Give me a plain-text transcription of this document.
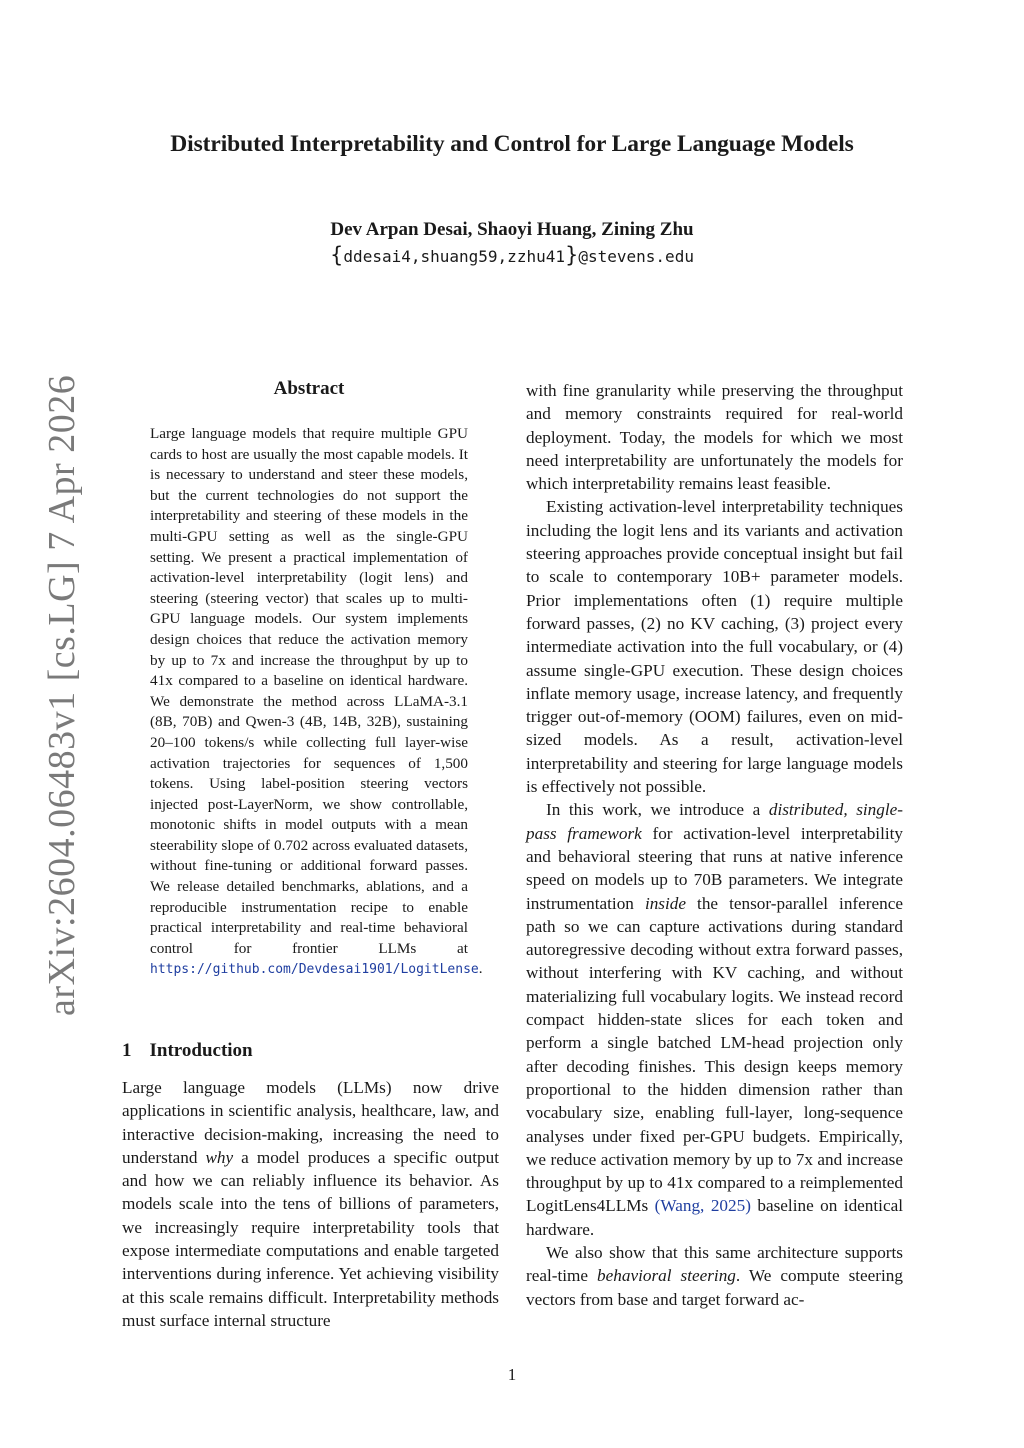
Distributed Interpretability and Control for Large Language Models
Dev Arpan Desai, Shaoyi Huang, Zining Zhu
{ddesai4,shuang59,zzhu41}@stevens.edu
arXiv:2604.06483v1 [cs.LG] 7 Apr 2026	Abstract
Large language models that require multiple GPU cards to host are usually the most capable models. It is necessary to understand and steer these models, but the current technologies do not support the interpretability and steering of these models in the multi-GPU setting as well as the single-GPU setting. We present a practical implementation of activation-level interpretability (logit lens) and steering (steering vector) that scales up to multi-GPU language models. Our system implements design choices that reduce the activation memory by up to 7x and increase the throughput by up to 41x compared to a baseline on identical hardware. We demonstrate the method across LLaMA-3.1 (8B, 70B) and Qwen-3 (4B, 14B, 32B), sustaining 20–100 tokens/s while collecting full layer-wise activation trajectories for sequences of 1,500 tokens. Using label-position steering vectors injected post-LayerNorm, we show controllable, monotonic shifts in model outputs with a mean steerability slope of 0.702 across evaluated datasets, without fine-tuning or additional forward passes. We release detailed benchmarks, ablations, and a reproducible instrumentation recipe to enable practical interpretability and real-time behavioral control for frontier LLMs at https://github.com/Devdesai1901/LogitLense.
1 Introduction

Large language models (LLMs) now drive applications in scientific analysis, healthcare, law, and interactive decision-making, increasing the need to understand why a model produces a specific output and how we can reliably influence its behavior. As models scale into the tens of billions of parameters, we increasingly require interpretability tools that expose intermediate computations and enable targeted interventions during inference. Yet achieving visibility at this scale remains difficult. Interpretability methods must surface internal structure

with fine granularity while preserving the throughput and memory constraints required for real-world deployment. Today, the models for which we most need interpretability are unfortunately the models for which interpretability remains least feasible.

Existing activation-level interpretability techniques including the logit lens and its variants and activation steering approaches provide conceptual insight but fail to scale to contemporary 10B+ parameter models. Prior implementations often (1) require multiple forward passes, (2) no KV caching, (3) project every intermediate activation into the full vocabulary, or (4) assume single-GPU execution. These design choices inflate memory usage, increase latency, and frequently trigger out-of-memory (OOM) failures, even on mid-sized models. As a result, activation-level interpretability and steering for large language models is effectively not possible.

In this work, we introduce a distributed, single-pass framework for activation-level interpretability and behavioral steering that runs at native inference speed on models up to 70B parameters. We integrate instrumentation inside the tensor-parallel inference path so we can capture activations during standard autoregressive decoding without extra forward passes, without interfering with KV caching, and without materializing full vocabulary logits. We instead record compact hidden-state slices for each token and perform a single batched LM-head projection only after decoding finishes. This design keeps memory proportional to the hidden dimension rather than vocabulary size, enabling full-layer, long-sequence analyses under fixed per-GPU budgets. Empirically, we reduce activation memory by up to 7x and increase throughput by up to 41x compared to a reimplemented LogitLens4LLMs (Wang, 2025) baseline on identical hardware.

We also show that this same architecture supports real-time behavioral steering. We compute steering vectors from base and target forward ac-

1
